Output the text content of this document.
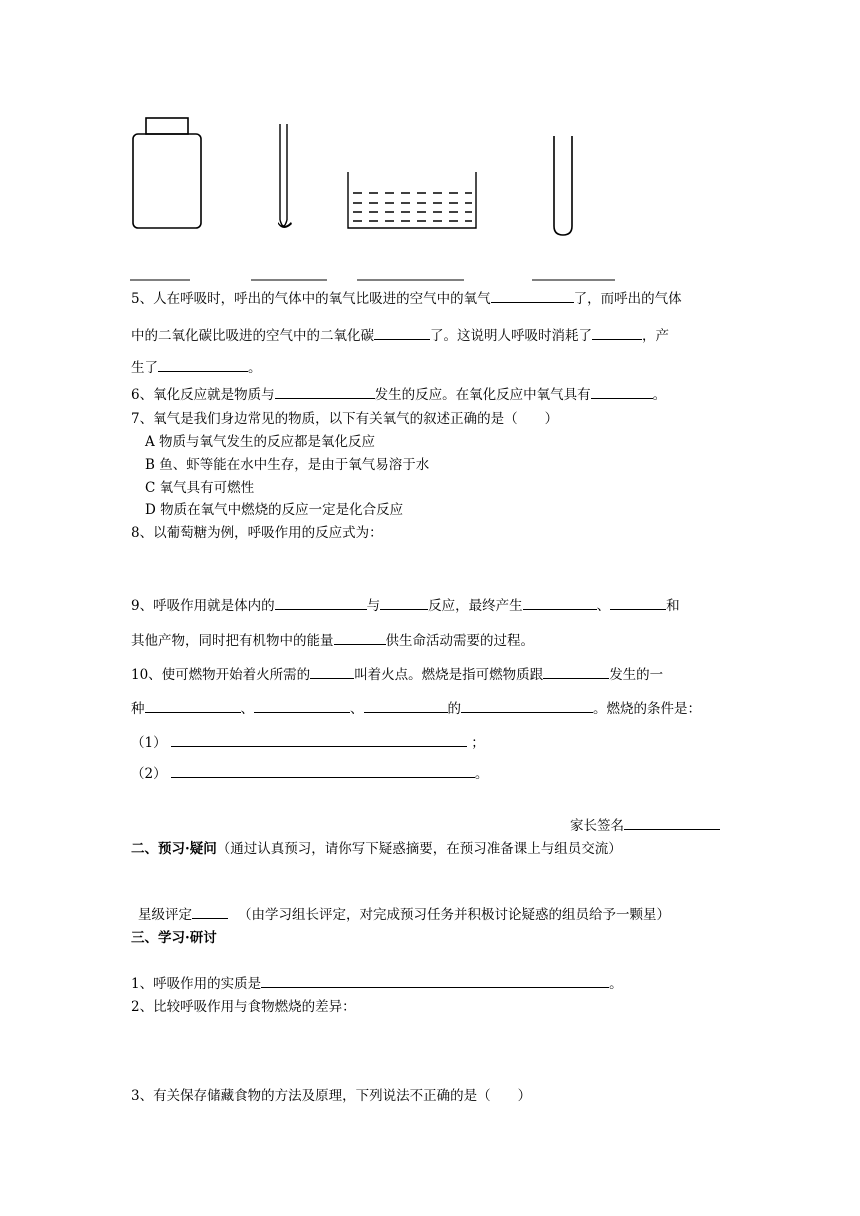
5、人在呼吸时，呼出的气体中的氧气比吸进的空气中的氧气	了，而呼出的气体
中的二氧化碳比吸进的空气中的二氧化碳	了。这说明人呼吸时消耗了	，产
生了	。
6、氧化反应就是物质与	发生的反应。在氧化反应中氧气具有	。
7、氧气是我们身边常见的物质，以下有关氧气的叙述正确的是（　　）
A 物质与氧气发生的反应都是氧化反应
B 鱼、虾等能在水中生存，是由于氧气易溶于水
C 氧气具有可燃性
D 物质在氧气中燃烧的反应一定是化合反应
8、以葡萄糖为例，呼吸作用的反应式为：
9、呼吸作用就是体内的	与	反应，最终产生	、	和
其他产物，同时把有机物中的能量	供生命活动需要的过程。
10、使可燃物开始着火所需的	叫着火点。燃烧是指可燃物质跟	发生的一
种	、	、	的	。燃烧的条件是：
（1）	；
（2）	。
家长签名
二、预习·疑问（通过认真预习，请你写下疑惑摘要，在预习准备课上与组员交流）
星级评定	（由学习组长评定，对完成预习任务并积极讨论疑惑的组员给予一颗星）
三、学习·研讨
1、呼吸作用的实质是	。
2、比较呼吸作用与食物燃烧的差异：
3、有关保存储藏食物的方法及原理，下列说法不正确的是（　　）
